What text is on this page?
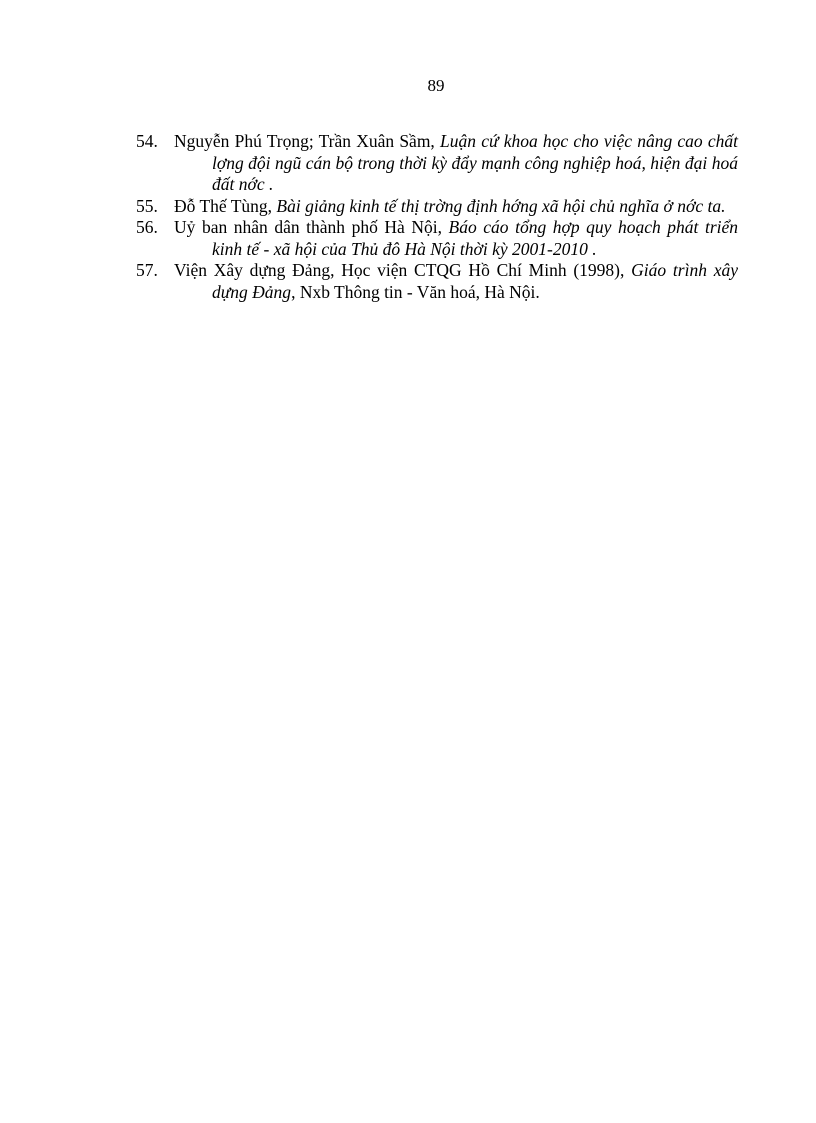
89
54. Nguyễn Phú Trọng; Trần Xuân Sầm, Luận cứ khoa học cho việc nâng cao chất lợng đội ngũ cán bộ trong thời kỳ đẩy mạnh công nghiệp hoá, hiện đại hoá đất nớc .
55. Đỗ Thế Tùng, Bài giảng kinh tế thị trờng định hớng xã hội chủ nghĩa ở nớc ta.
56. Uỷ ban nhân dân thành phố Hà Nội, Báo cáo tổng hợp quy hoạch phát triển kinh tế - xã hội của Thủ đô Hà Nội thời kỳ 2001-2010 .
57. Viện Xây dựng Đảng, Học viện CTQG Hồ Chí Minh (1998), Giáo trình xây dựng Đảng, Nxb Thông tin - Văn hoá, Hà Nội.
